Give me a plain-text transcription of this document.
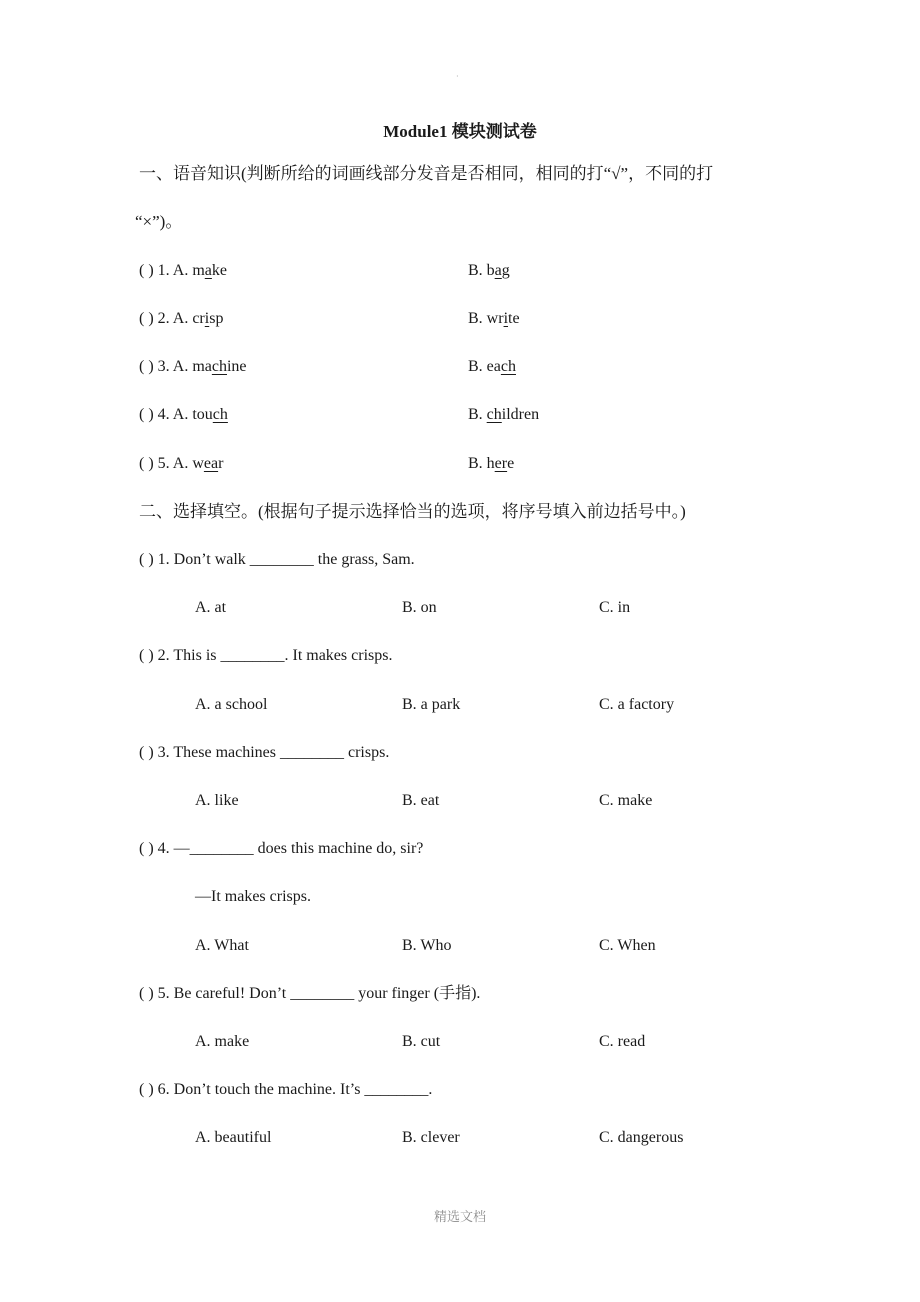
·
Module1 模块测试卷
一、语音知识(判断所给的词画线部分发音是否相同，相同的打“√”，不同的打
“×”)。
( ) 1. A. make	B. bag
( ) 2. A. crisp	B. write
( ) 3. A. machine	B. each
( ) 4. A. touch	B. children
( ) 5. A. wear	B. here
二、选择填空。(根据句子提示选择恰当的选项，将序号填入前边括号中。)
( ) 1. Don’t walk ________ the grass, Sam.
A. at	B. on	C. in
( ) 2. This is ________. It makes crisps.
A. a school	B. a park	C. a factory
( ) 3. These machines ________ crisps.
A. like	B. eat	C. make
( ) 4. —________ does this machine do, sir?
—It makes crisps.
A. What	B. Who	C. When
( ) 5. Be careful! Don’t ________ your finger (手指).
A. make	B. cut	C. read
( ) 6. Don’t touch the machine. It’s ________.
A. beautiful	B. clever	C. dangerous
精选文档
